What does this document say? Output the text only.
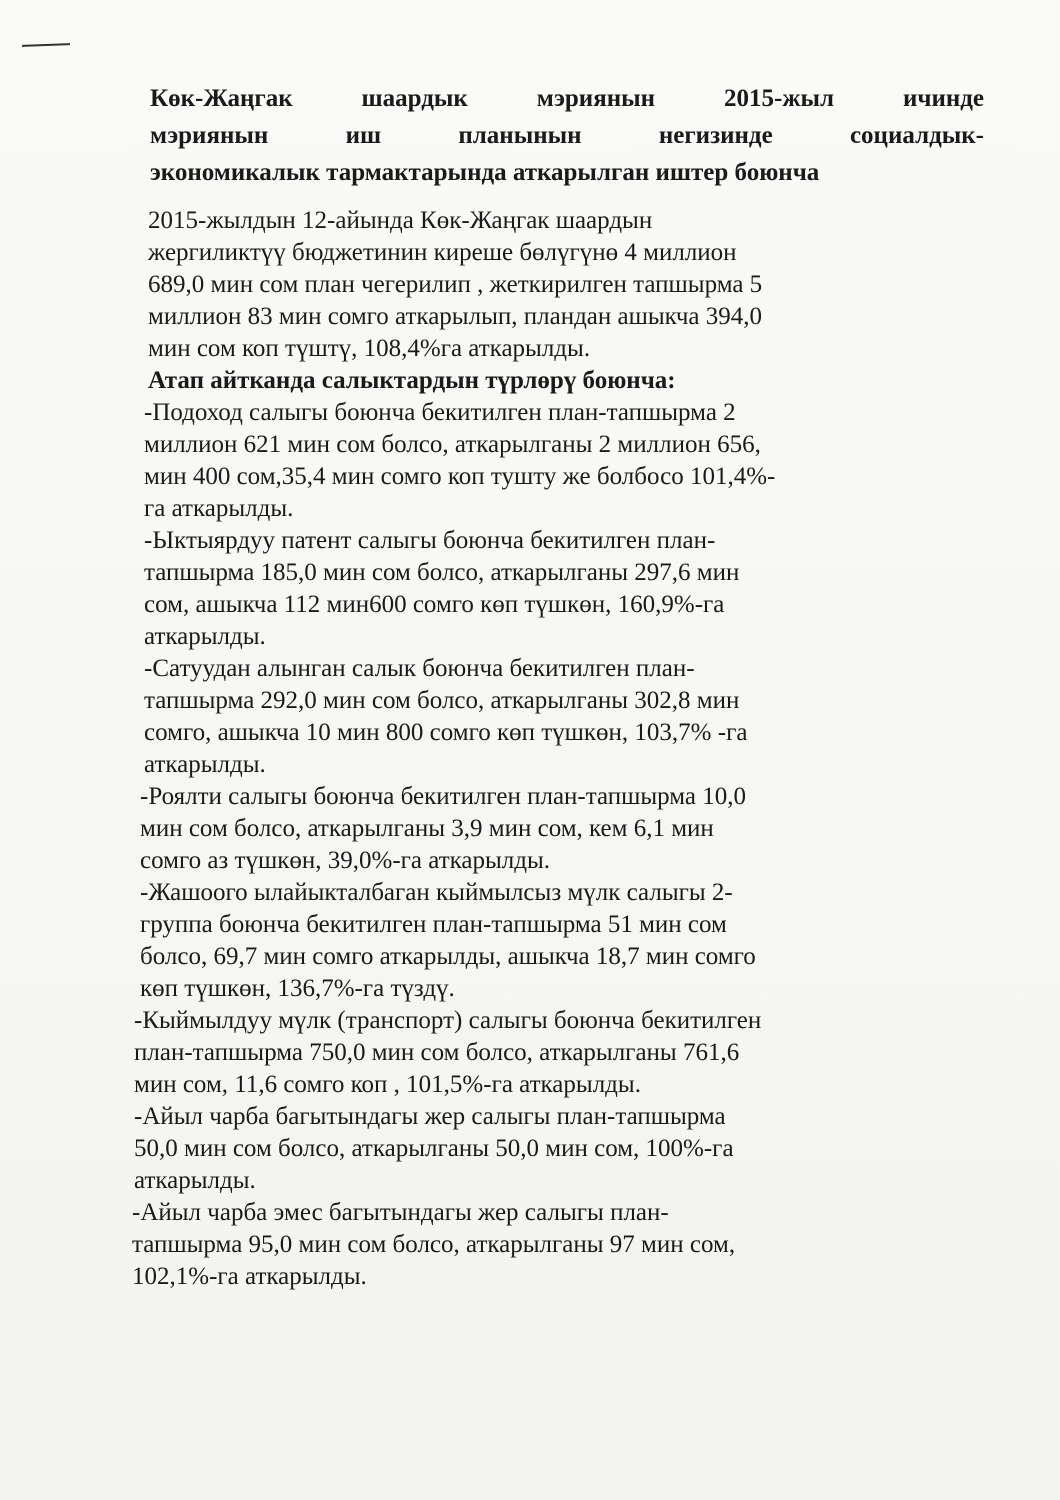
Көк-Жаңгак шаардык мэриянын 2015-жыл ичинде
мэриянын иш планынын негизинде социалдык-
экономикалык тармактарында аткарылган иштер боюнча

2015-жылдын 12-айында Көк-Жаңгак шаардын

жергиликтүү бюджетинин киреше бөлүгүнө 4 миллион

689,0 мин сом план чегерилип , жеткирилген тапшырма 5

миллион 83 мин сомго аткарылып, пландан ашыкча 394,0

мин сом коп түштү, 108,4%га аткарылды.

Атап айтканда салыктардын түрлөрү боюнча:

-Подоход салыгы боюнча бекитилген план-тапшырма 2

миллион 621 мин сом болсо, аткарылганы 2 миллион 656,

мин 400 сом,35,4 мин сомго коп тушту же болбосо 101,4%-

га аткарылды.

-Ыктыярдуу патент салыгы боюнча бекитилген план-

тапшырма 185,0 мин сом болсо, аткарылганы 297,6 мин

сом, ашыкча 112 мин600 сомго көп түшкөн, 160,9%-га

аткарылды.

-Сатуудан алынган салык боюнча бекитилген план-

тапшырма 292,0 мин сом болсо, аткарылганы 302,8 мин

сомго, ашыкча 10 мин 800 сомго көп түшкөн, 103,7% -га

аткарылды.

-Роялти салыгы боюнча бекитилген план-тапшырма 10,0

мин сом болсо, аткарылганы 3,9 мин сом, кем 6,1 мин

сомго аз түшкөн, 39,0%-га аткарылды.

-Жашоого ылайыкталбаган кыймылсыз мүлк салыгы 2-

группа боюнча бекитилген план-тапшырма 51 мин сом

болсо, 69,7 мин сомго аткарылды, ашыкча 18,7 мин сомго

көп түшкөн, 136,7%-га түздү.

-Кыймылдуу мүлк (транспорт) салыгы боюнча бекитилген

план-тапшырма 750,0 мин сом болсо, аткарылганы 761,6

мин сом, 11,6 сомго коп , 101,5%-га аткарылды.

-Айыл чарба багытындагы жер салыгы план-тапшырма

50,0 мин сом болсо, аткарылганы 50,0 мин сом, 100%-га

аткарылды.

-Айыл чарба эмес багытындагы жер салыгы план-

тапшырма 95,0 мин сом болсо, аткарылганы 97 мин сом,

102,1%-га аткарылды.
